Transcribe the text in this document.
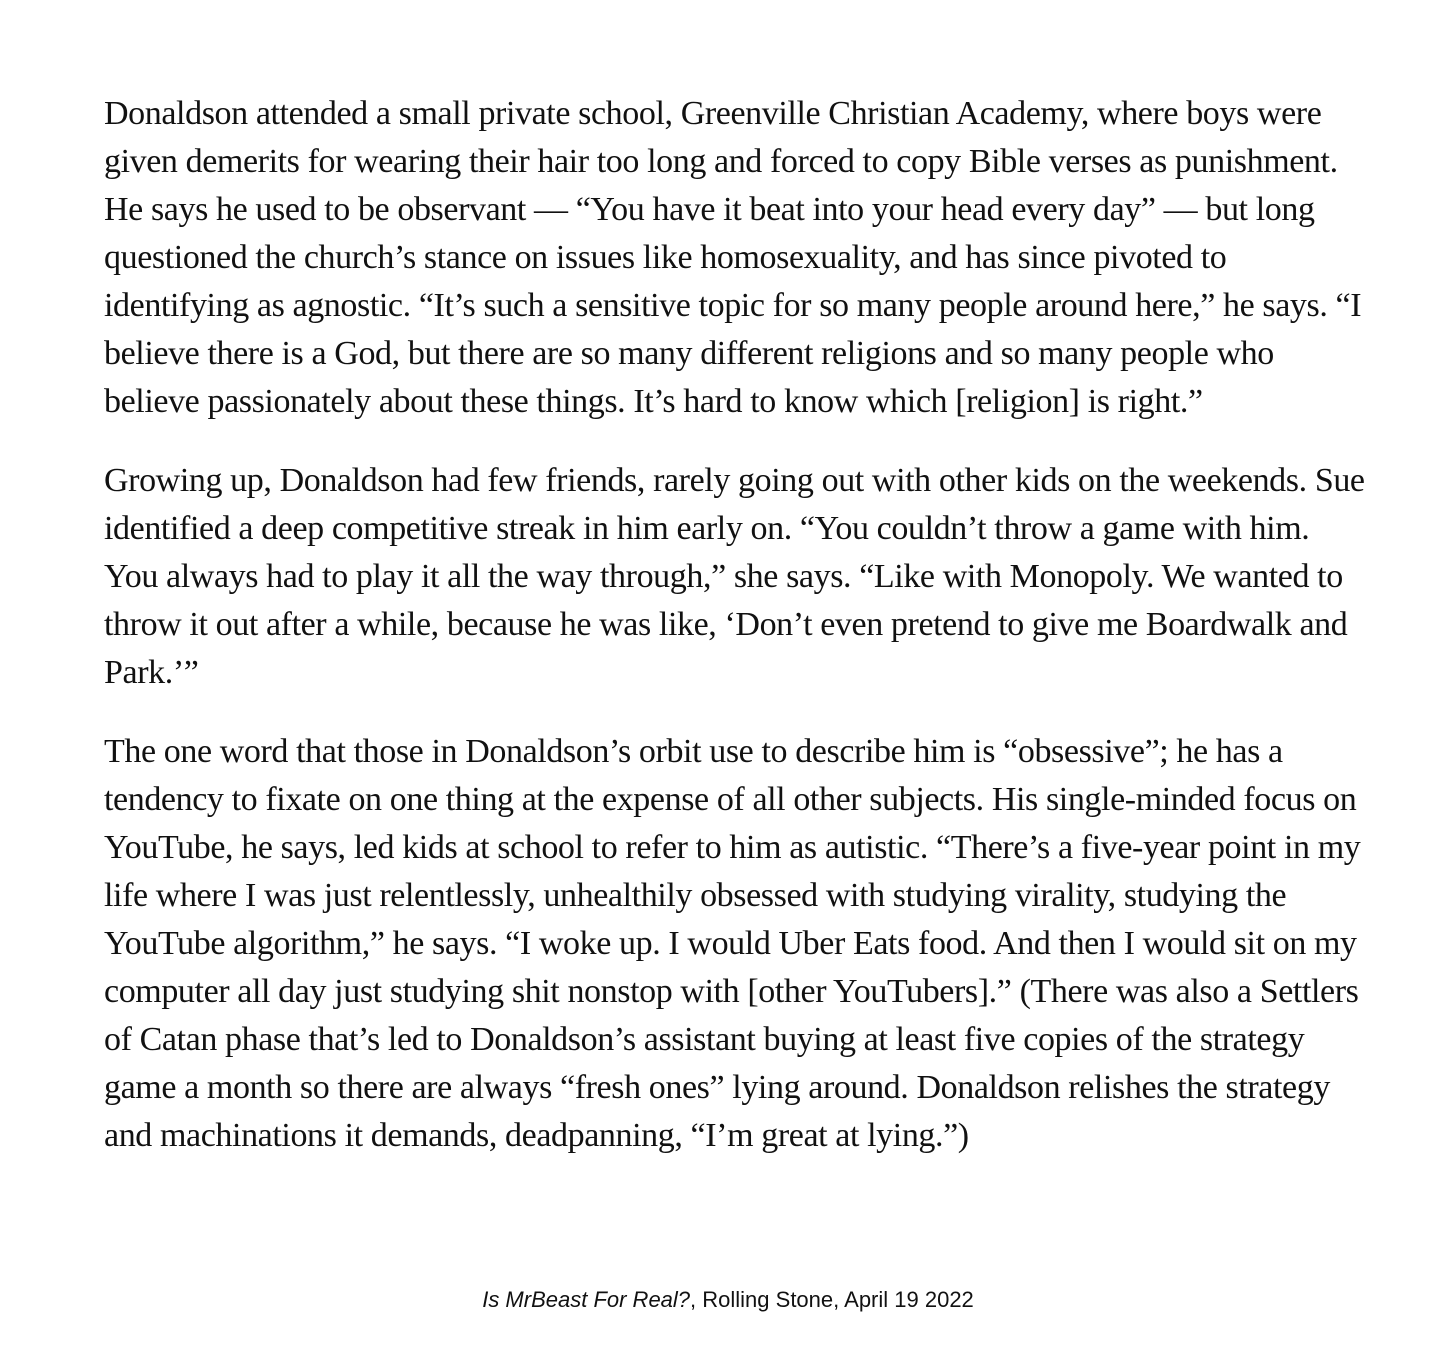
Donaldson attended a small private school, Greenville Christian Academy, where boys were given demerits for wearing their hair too long and forced to copy Bible verses as punishment. He says he used to be observant — “You have it beat into your head every day” — but long questioned the church’s stance on issues like homosexuality, and has since pivoted to identifying as agnostic. “It’s such a sensitive topic for so many people around here,” he says. “I believe there is a God, but there are so many different religions and so many people who believe passionately about these things. It’s hard to know which [religion] is right.”

Growing up, Donaldson had few friends, rarely going out with other kids on the weekends. Sue identified a deep competitive streak in him early on. “You couldn’t throw a game with him. You always had to play it all the way through,” she says. “Like with Monopoly. We wanted to throw it out after a while, because he was like, ‘Don’t even pretend to give me Boardwalk and Park.’”

The one word that those in Donaldson’s orbit use to describe him is “obsessive”; he has a tendency to fixate on one thing at the expense of all other subjects. His single-minded focus on YouTube, he says, led kids at school to refer to him as autistic. “There’s a five-year point in my life where I was just relentlessly, unhealthily obsessed with studying virality, studying the YouTube algorithm,” he says. “I woke up. I would Uber Eats food. And then I would sit on my computer all day just studying shit nonstop with [other YouTubers].” (There was also a Settlers of Catan phase that’s led to Donaldson’s assistant buying at least five copies of the strategy game a month so there are always “fresh ones” lying around. Donaldson relishes the strategy and machinations it demands, deadpanning, “I’m great at lying.”)

Is MrBeast For Real?, Rolling Stone, April 19 2022
